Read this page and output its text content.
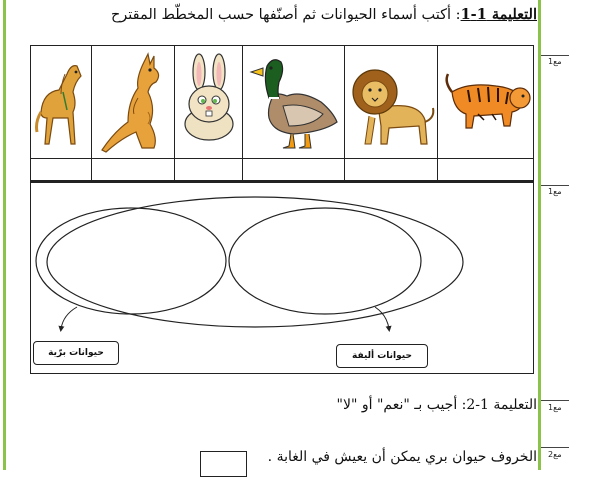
التعليمة 1-1: أكتب أسماء الحيوانات ثم أصنّفها حسب المخطّط المقترح
حيوانات برّية	حيوانات أليفة
التعليمة 1-2: أجيب بـ "نعم" أو "لا"
الخروف حيوان بري يمكن أن يعيش في الغابة .
مع1
مع1
مع1
مع2
